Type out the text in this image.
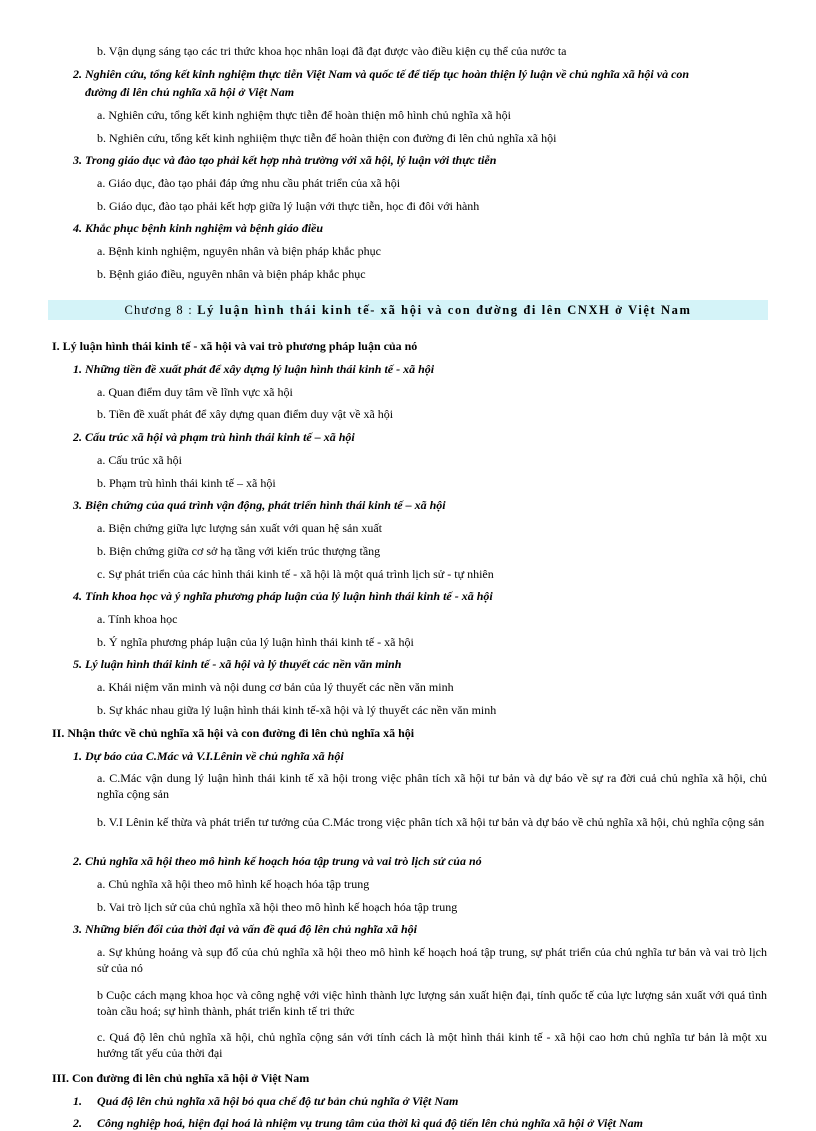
b. Vận dụng sáng tạo các tri thức khoa học nhân loại đã đạt được vào điều kiện cụ thể của nước ta
2. Nghiên cứu, tổng kết kinh nghiệm thực tiễn Việt Nam và quốc tế để tiếp tục hoàn thiện lý luận về chủ nghĩa xã hội và con
đường đi lên chủ nghĩa xã hội ở Việt Nam
a. Nghiên cứu, tổng kết kinh nghiệm thực tiễn để hoàn thiện mô hình chủ nghĩa xã hội
b. Nghiên cứu, tổng kết kinh nghiiệm thực tiễn để hoàn thiện con đường đi lên chủ nghĩa xã hội
3. Trong giáo dục và đào tạo phải kết hợp nhà trường với xã hội, lý luận với thực tiễn
a. Giáo dục, đào tạo phải đáp ứng nhu cầu phát triển của xã hội
b. Giáo dục, đào tạo phải kết hợp giữa lý luận với thực tiễn, học đi đôi với hành
4. Khắc phục bệnh kinh nghiệm và bệnh giáo điều
a. Bệnh kinh nghiệm, nguyên nhân và biện pháp khắc phục
b. Bệnh giáo điều, nguyên nhân và biện pháp khắc phục
Chương 8 : Lý luận hình thái kinh tế- xã hội và con đường đi lên CNXH ở Việt Nam
I. Lý luận hình thái kinh tế - xã hội và vai trò phương pháp luận của nó
1. Những tiền đề xuất phát để xây dựng lý luận hình thái kinh tế - xã hội
a. Quan điểm duy tâm về lĩnh vực xã hội
b. Tiền đề xuất phát để xây dựng quan điểm duy vật về xã hội
2. Cấu trúc xã hội và phạm trù hình thái kinh tế – xã hội
a. Cấu trúc xã hội
b. Phạm trù hình thái kinh tế – xã hội
3. Biện chứng của quá trình vận động, phát triển hình thái kinh tế – xã hội
a. Biện chứng giữa lực lượng sản xuất với quan hệ sản xuất
b. Biện chứng giữa cơ sở hạ tầng với kiến trúc thượng tầng
c. Sự phát triển của các hình thái kinh tế - xã hội là một quá trình lịch sử - tự nhiên
4. Tính khoa học và ý nghĩa phương pháp luận của lý luận hình thái kinh tế - xã hội
a. Tính khoa học
b. Ý nghĩa phương pháp luận của lý luận hình thái kinh tế - xã hội
5. Lý luận hình thái kinh tế - xã hội và lý thuyết các nền văn minh
a. Khái niệm văn minh và nội dung cơ bản của lý thuyết các nền văn minh
b. Sự khác nhau giữa lý luận hình thái kinh tế-xã hội và lý thuyết các nền văn minh
II. Nhận thức về chủ nghĩa xã hội và con đường đi lên chủ nghĩa xã hội
1. Dự báo của C.Mác và V.I.Lênin về chủ nghĩa xã hội
a. C.Mác vận dung lý luận hình thái kinh tế xã hội trong việc phân tích xã hội tư bản và dự báo về sự ra đời cuả chủ nghĩa xã hội, chủ nghĩa cộng sản
b. V.I Lênin kế thừa và phát triển tư tưởng của C.Mác trong việc phân tích xã hội tư bản và dự báo về chủ nghĩa xã hội, chủ nghĩa cộng sản
2. Chủ nghĩa xã hội theo mô hình kế hoạch hóa tập trung và vai trò lịch sử của nó
a. Chủ nghĩa xã hội theo mô hình kế hoạch hóa tập trung
b. Vai trò lịch sử của chủ nghĩa xã hội theo mô hình kế hoạch hóa tập trung
3. Những biến đổi của thời đại và vấn đề quá độ lên chủ nghĩa xã hội
a. Sự khủng hoảng và sụp đổ của chủ nghĩa xã hội theo mô hình kế hoạch hoá tập trung, sự phát triển của chủ nghĩa tư bản và vai trò lịch sử của nó
b Cuộc cách mạng khoa học và công nghệ với việc hình thành lực lượng sản xuất hiện đại, tính quốc tế của lực lượng sản xuất với quá tình toàn cầu hoá; sự hình thành, phát triển kinh tế tri thức
c. Quá độ lên chủ nghĩa xã hội, chủ nghĩa cộng sản với tính cách là một hình thái kinh tế - xã hội cao hơn chủ nghĩa tư bản là một xu hướng tất yếu của thời đại
III. Con đường đi lên chủ nghĩa xã hội ở Việt Nam
1.     Quá độ lên chủ nghĩa xã hội bỏ qua chế độ tư bản chủ nghĩa ở Việt Nam
2.     Công nghiệp hoá, hiện đại hoá là nhiệm vụ trung tâm của thời kì quá độ tiến lên chủ nghĩa xã hội ở Việt Nam
